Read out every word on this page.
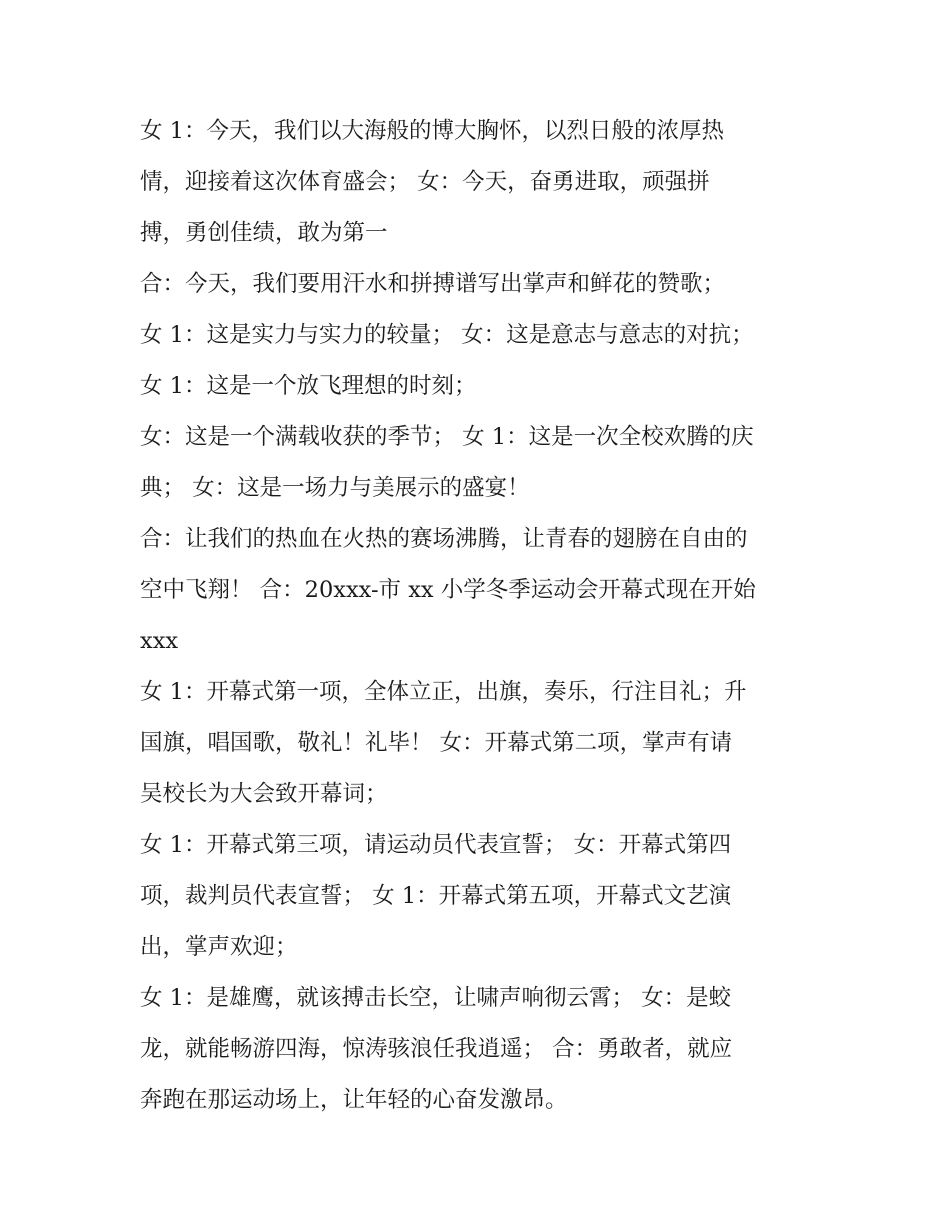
女 1：今天，我们以大海般的博大胸怀，以烈日般的浓厚热

情，迎接着这次体育盛会； 女：今天，奋勇进取，顽强拼

搏，勇创佳绩，敢为第一

合：今天，我们要用汗水和拼搏谱写出掌声和鲜花的赞歌；

女 1：这是实力与实力的较量； 女：这是意志与意志的对抗；

女 1：这是一个放飞理想的时刻；

女：这是一个满载收获的季节； 女 1：这是一次全校欢腾的庆

典； 女：这是一场力与美展示的盛宴！

合：让我们的热血在火热的赛场沸腾，让青春的翅膀在自由的

空中飞翔！ 合：20xxx-市 xx 小学冬季运动会开幕式现在开始

xxx

女 1：开幕式第一项，全体立正，出旗，奏乐，行注目礼；升

国旗，唱国歌，敬礼！礼毕！ 女：开幕式第二项，掌声有请

吴校长为大会致开幕词；

女 1：开幕式第三项，请运动员代表宣誓； 女：开幕式第四

项，裁判员代表宣誓； 女 1：开幕式第五项，开幕式文艺演

出，掌声欢迎；

女 1：是雄鹰，就该搏击长空，让啸声响彻云霄； 女：是蛟

龙，就能畅游四海，惊涛骇浪任我逍遥； 合：勇敢者，就应

奔跑在那运动场上，让年轻的心奋发激昂。
